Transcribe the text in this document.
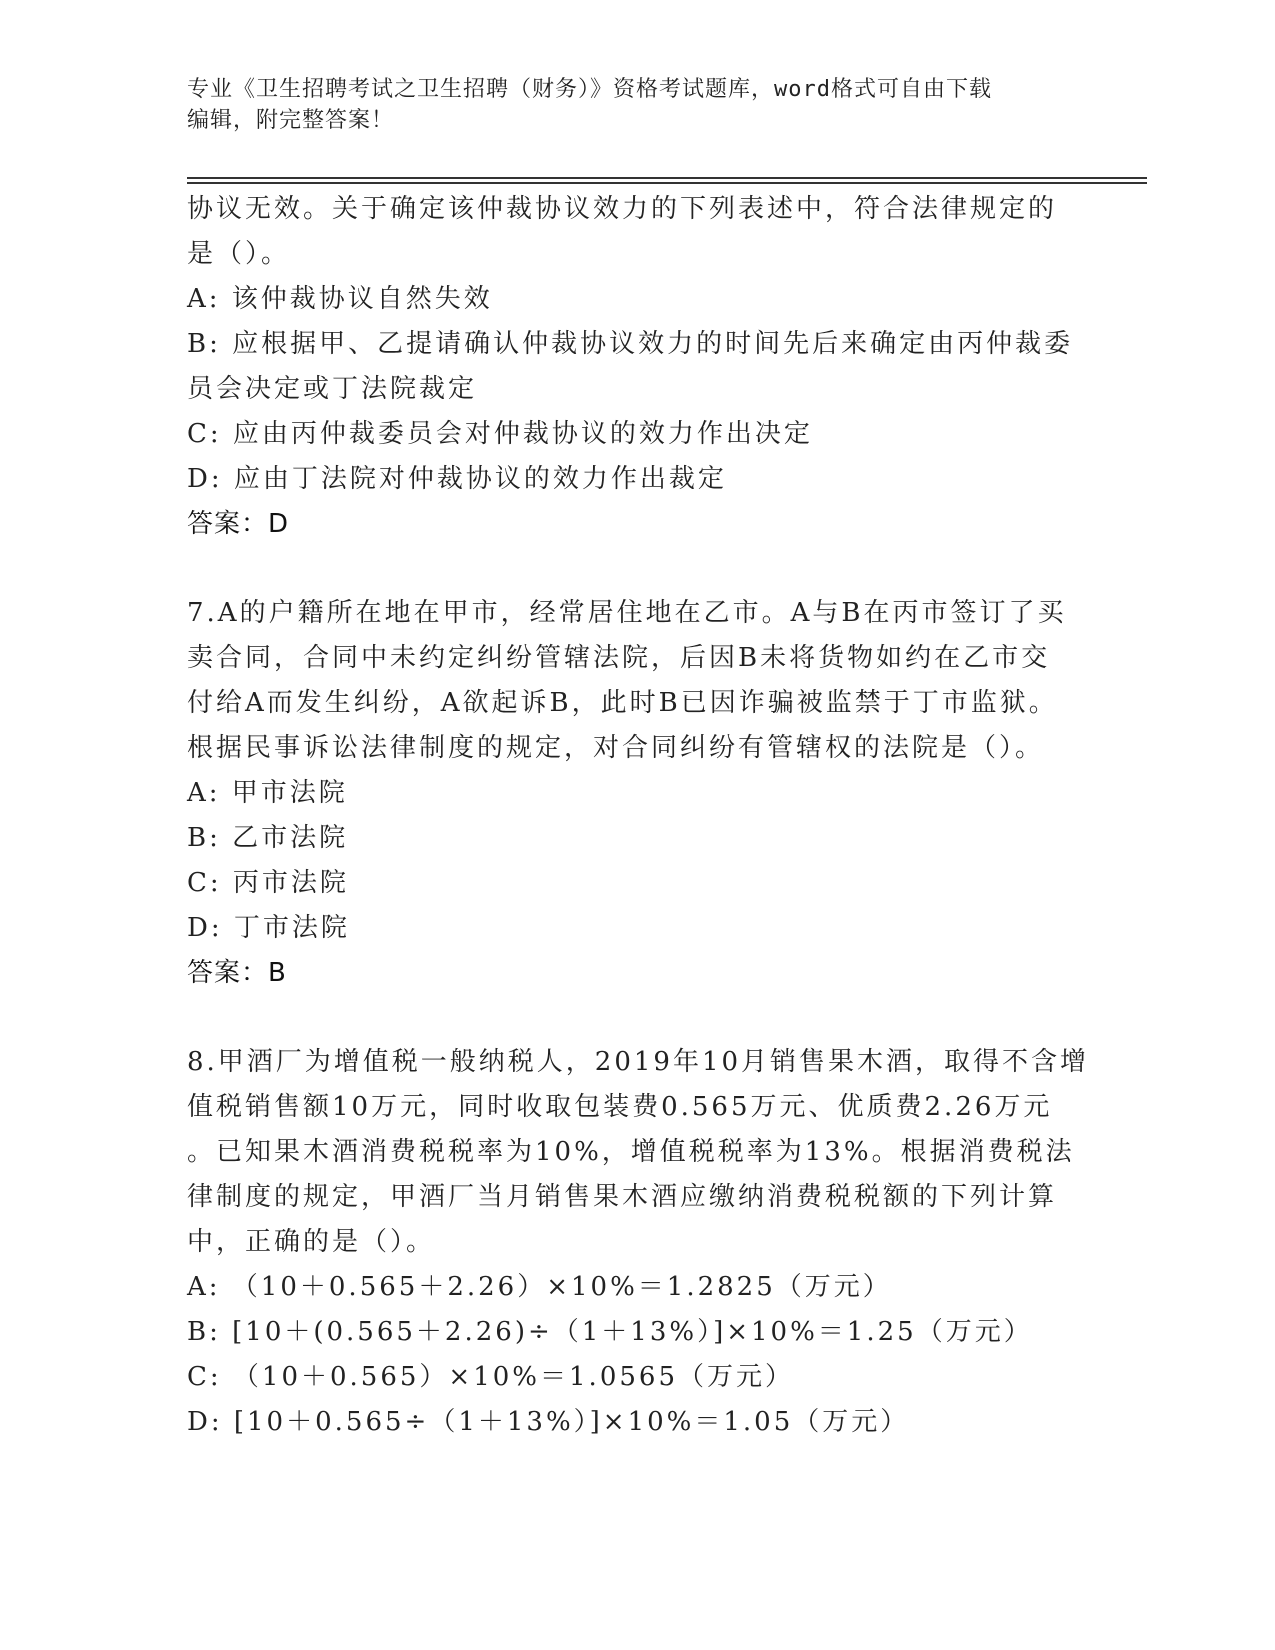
专业《卫生招聘考试之卫生招聘（财务）》资格考试题库，word格式可自由下载
编辑，附完整答案！
协议无效。关于确定该仲裁协议效力的下列表述中，符合法律规定的
是（）。
A: 该仲裁协议自然失效
B: 应根据甲、乙提请确认仲裁协议效力的时间先后来确定由丙仲裁委
员会决定或丁法院裁定
C: 应由丙仲裁委员会对仲裁协议的效力作出决定
D: 应由丁法院对仲裁协议的效力作出裁定
答案：D
7.A的户籍所在地在甲市，经常居住地在乙市。A与B在丙市签订了买
卖合同，合同中未约定纠纷管辖法院，后因B未将货物如约在乙市交
付给A而发生纠纷，A欲起诉B，此时B已因诈骗被监禁于丁市监狱。
根据民事诉讼法律制度的规定，对合同纠纷有管辖权的法院是（）。
A: 甲市法院
B: 乙市法院
C: 丙市法院
D: 丁市法院
答案：B
8.甲酒厂为增值税一般纳税人，2019年10月销售果木酒，取得不含增
值税销售额10万元，同时收取包装费0.565万元、优质费2.26万元
。已知果木酒消费税税率为10%，增值税税率为13%。根据消费税法
律制度的规定，甲酒厂当月销售果木酒应缴纳消费税税额的下列计算
中，正确的是（）。
A: （10＋0.565＋2.26）×10%＝1.2825（万元）
B: [10＋(0.565＋2.26)÷（1＋13%）]×10%＝1.25（万元）
C: （10＋0.565）×10%＝1.0565（万元）
D: [10＋0.565÷（1＋13%）]×10%＝1.05（万元）
